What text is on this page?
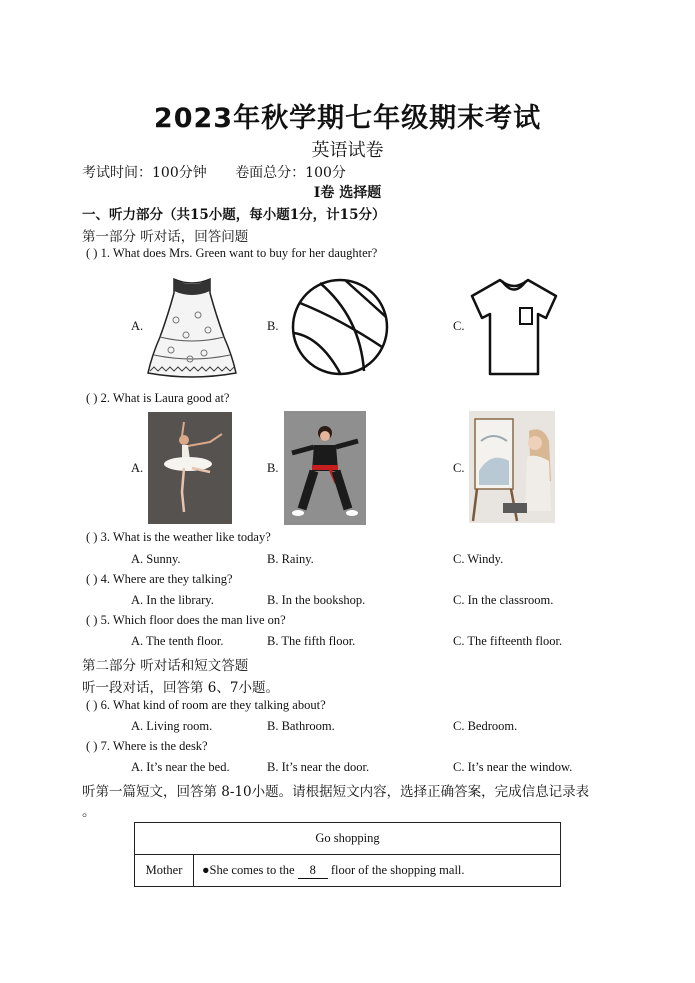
2023年秋学期七年级期末考试
英语试卷
考试时间：100分钟 卷面总分：100分
I卷 选择题
一、听力部分（共15小题，每小题1分，计15分）
第一部分 听对话，回答问题
( ) 1. What does Mrs. Green want to buy for her daughter?
A.	B.	C.
( ) 2. What is Laura good at?
A.	B.	C.
( ) 3. What is the weather like today?
A. Sunny.	B. Rainy.	C. Windy.
( ) 4. Where are they talking?
A. In the library.	B. In the bookshop.	C. In the classroom.
( ) 5. Which floor does the man live on?
A. The tenth floor.	B. The fifth floor.	C. The fifteenth floor.
第二部分 听对话和短文答题
听一段对话，回答第 6、7小题。
( ) 6. What kind of room are they talking about?
A. Living room.	B. Bathroom.	C. Bedroom.
( ) 7. Where is the desk?
A. It’s near the bed.	B. It’s near the door.	C. It’s near the window.
听第一篇短文，回答第 8-10小题。请根据短文内容，选择正确答案，完成信息记录表
。
Go shopping
Mother	●She comes to the 8 floor of the shopping mall.
